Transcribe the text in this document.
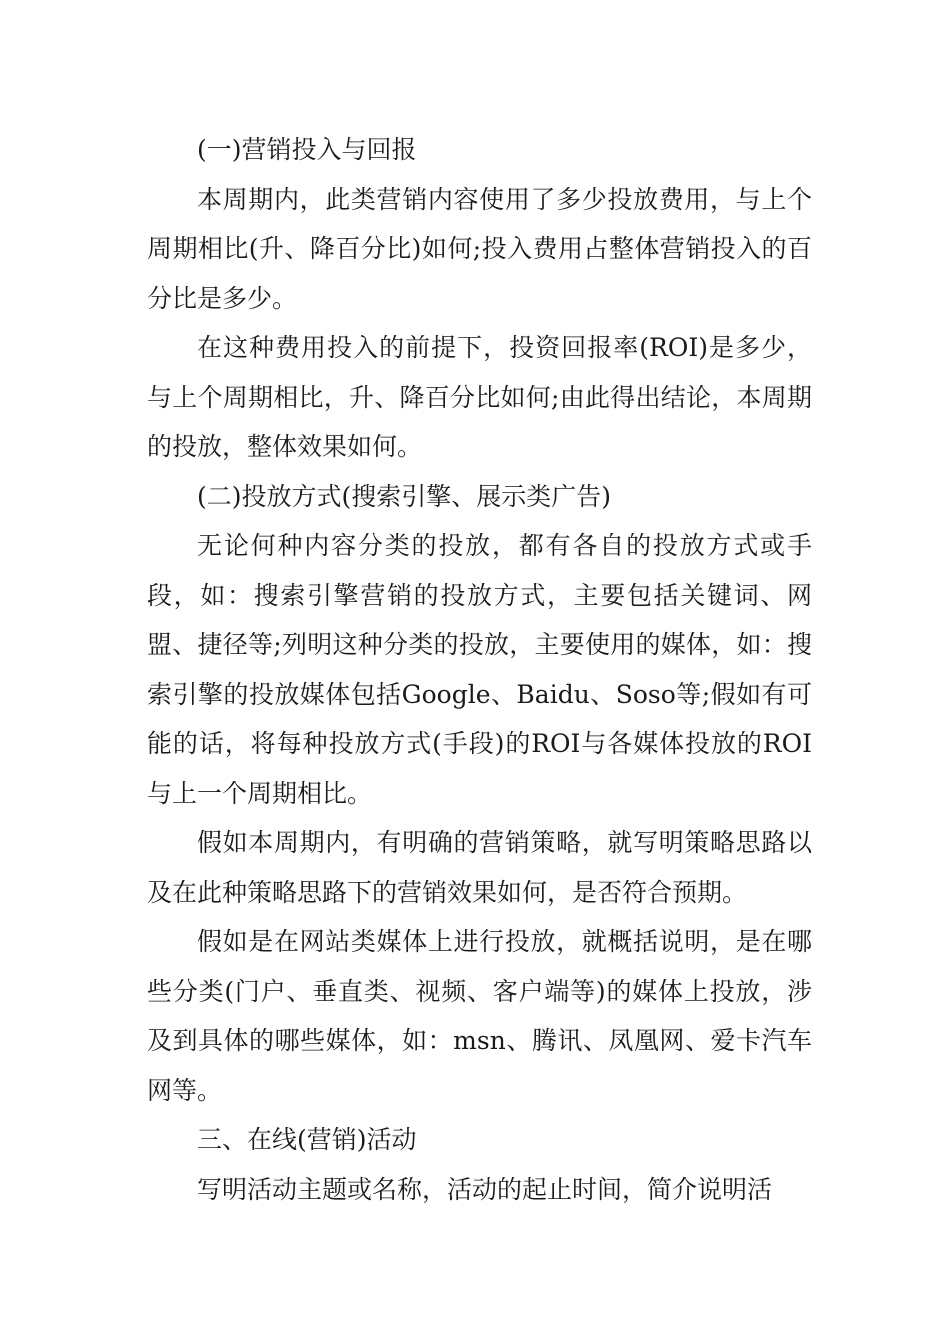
(一)营销投入与回报

本周期内，此类营销内容使用了多少投放费用，与上个周期相比(升、降百分比)如何;投入费用占整体营销投入的百分比是多少。

在这种费用投入的前提下，投资回报率(ROI)是多少，与上个周期相比，升、降百分比如何;由此得出结论，本周期的投放，整体效果如何。

(二)投放方式(搜索引擎、展示类广告)

无论何种内容分类的投放，都有各自的投放方式或手段，如：搜索引擎营销的投放方式，主要包括关键词、网盟、捷径等;列明这种分类的投放，主要使用的媒体，如：搜索引擎的投放媒体包括Google、Baidu、Soso等;假如有可能的话，将每种投放方式(手段)的ROI与各媒体投放的ROI与上一个周期相比。

假如本周期内，有明确的营销策略，就写明策略思路以及在此种策略思路下的营销效果如何，是否符合预期。

假如是在网站类媒体上进行投放，就概括说明，是在哪些分类(门户、垂直类、视频、客户端等)的媒体上投放，涉及到具体的哪些媒体，如：msn、腾讯、凤凰网、爱卡汽车网等。

三、在线(营销)活动

写明活动主题或名称，活动的起止时间，简介说明活
